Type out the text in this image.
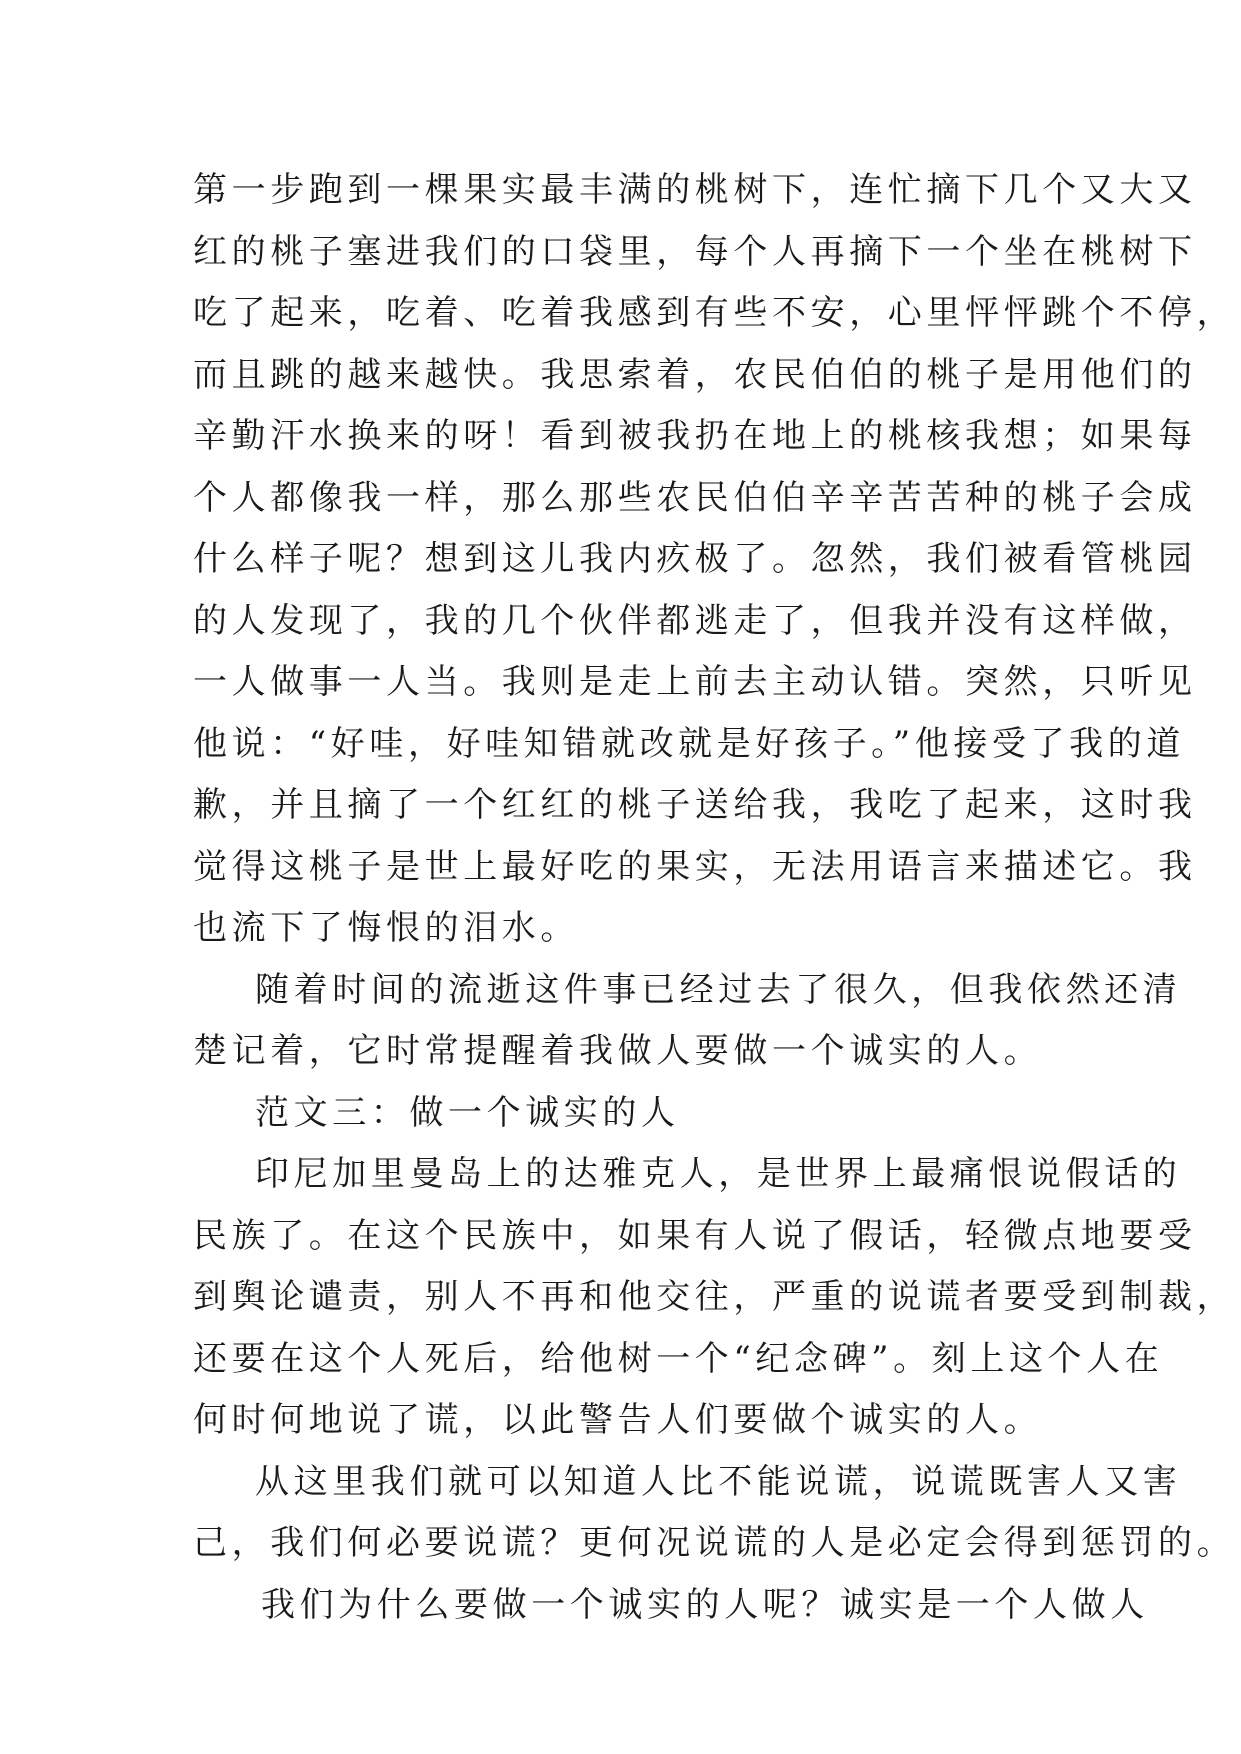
第一步跑到一棵果实最丰满的桃树下，连忙摘下几个又大又
红的桃子塞进我们的口袋里，每个人再摘下一个坐在桃树下
吃了起来，吃着、吃着我感到有些不安，心里怦怦跳个不停，
而且跳的越来越快。我思索着，农民伯伯的桃子是用他们的
辛勤汗水换来的呀！看到被我扔在地上的桃核我想；如果每
个人都像我一样，那么那些农民伯伯辛辛苦苦种的桃子会成
什么样子呢？想到这儿我内疚极了。忽然，我们被看管桃园
的人发现了，我的几个伙伴都逃走了，但我并没有这样做，
一人做事一人当。我则是走上前去主动认错。突然，只听见
他说：“好哇，好哇知错就改就是好孩子。”他接受了我的道
歉，并且摘了一个红红的桃子送给我，我吃了起来，这时我
觉得这桃子是世上最好吃的果实，无法用语言来描述它。我
也流下了悔恨的泪水。
随着时间的流逝这件事已经过去了很久，但我依然还清
楚记着，它时常提醒着我做人要做一个诚实的人。
范文三：做一个诚实的人
印尼加里曼岛上的达雅克人，是世界上最痛恨说假话的
民族了。在这个民族中，如果有人说了假话，轻微点地要受
到舆论谴责，别人不再和他交往，严重的说谎者要受到制裁，
还要在这个人死后，给他树一个“纪念碑”。刻上这个人在
何时何地说了谎，以此警告人们要做个诚实的人。
从这里我们就可以知道人比不能说谎，说谎既害人又害
己，我们何必要说谎？更何况说谎的人是必定会得到惩罚的。
我们为什么要做一个诚实的人呢？诚实是一个人做人
